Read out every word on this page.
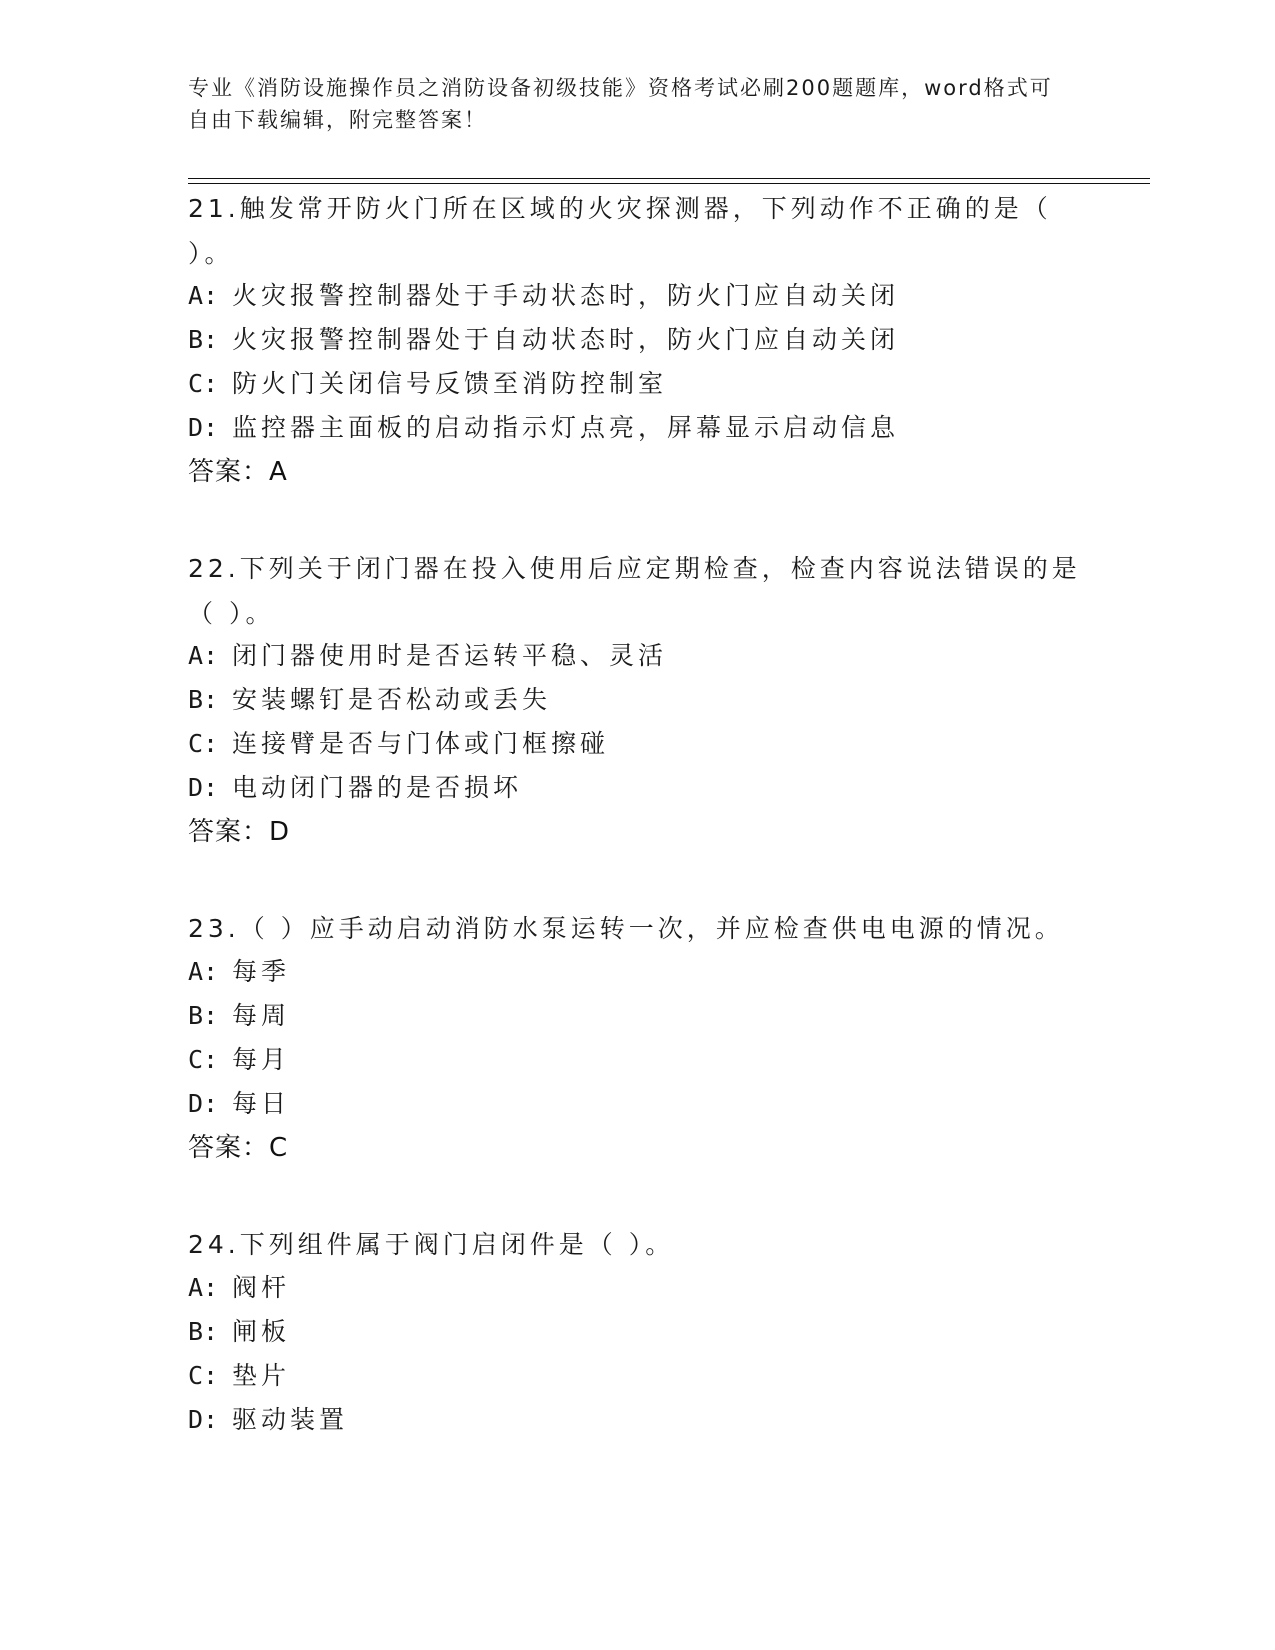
专业《消防设施操作员之消防设备初级技能》资格考试必刷200题题库，word格式可自由下载编辑，附完整答案！
21.触发常开防火门所在区域的火灾探测器，下列动作不正确的是（ ）。
A: 火灾报警控制器处于手动状态时，防火门应自动关闭
B: 火灾报警控制器处于自动状态时，防火门应自动关闭
C: 防火门关闭信号反馈至消防控制室
D: 监控器主面板的启动指示灯点亮，屏幕显示启动信息
答案：A
22.下列关于闭门器在投入使用后应定期检查，检查内容说法错误的是（ ）。
A: 闭门器使用时是否运转平稳、灵活
B: 安装螺钉是否松动或丢失
C: 连接臂是否与门体或门框擦碰
D: 电动闭门器的是否损坏
答案：D
23.（ ）应手动启动消防水泵运转一次，并应检查供电电源的情况。
A: 每季
B: 每周
C: 每月
D: 每日
答案：C
24.下列组件属于阀门启闭件是（ ）。
A: 阀杆
B: 闸板
C: 垫片
D: 驱动装置
